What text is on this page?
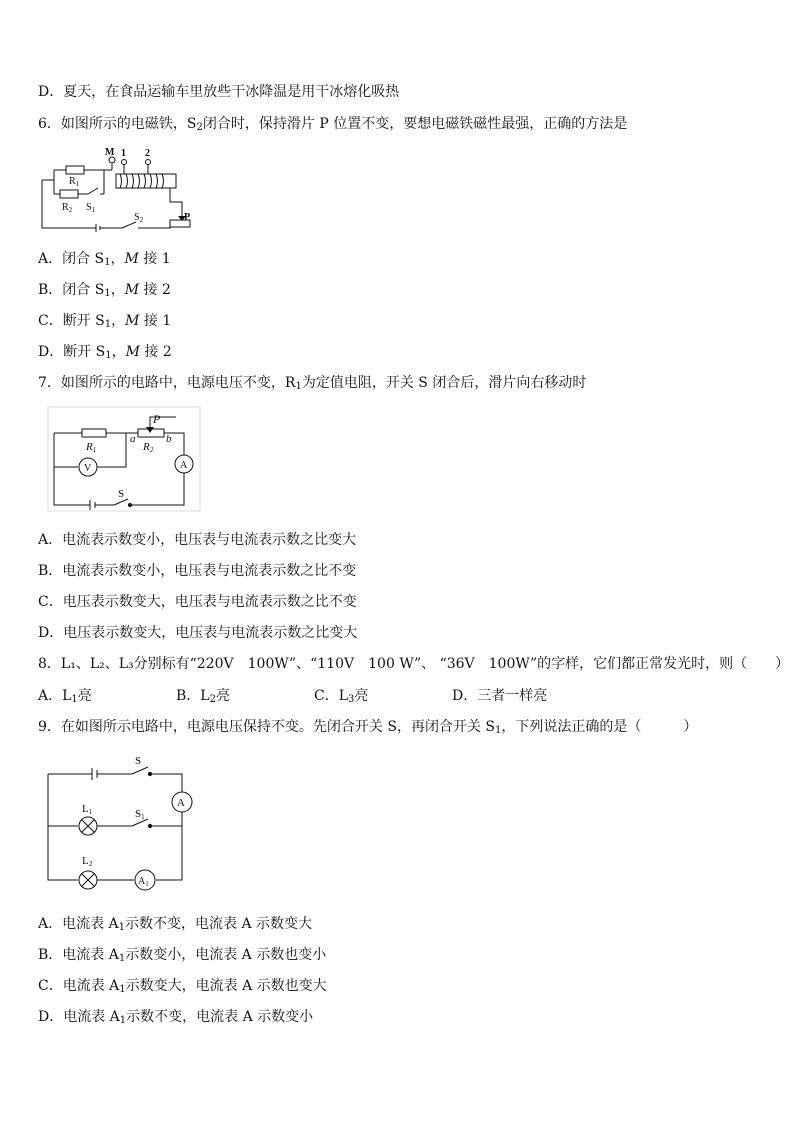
D．夏天，在食品运输车里放些干冰降温是用干冰熔化吸热
6．如图所示的电磁铁，$S_2$闭合时，保持滑片 P 位置不变，要想电磁铁磁性最强，正确的方法是
M 1 2
$R_1$
$R_2$ $S_1$
$S_2$	P
A．闭合 $S_1$，M 接 1
B．闭合 $S_1$，M 接 2
C．断开 $S_1$，M 接 1
D．断开 $S_1$，M 接 2
7．如图所示的电路中，电源电压不变，$R_1$为定值电阻，开关 S 闭合后，滑片向右移动时
P
a	b
R1	R2
V	A
S
A．电流表示数变小，电压表与电流表示数之比变大
B．电流表示数变小，电压表与电流表示数之比不变
C．电压表示数变大，电压表与电流表示数之比不变
D．电压表示数变大，电压表与电流表示数之比变大
8．L₁、L₂、L₃分别标有“220V　100W”、“110V　100 W”、 “36V　100W”的字样，它们都正常发光时，则（　　）
A．$L_1$亮	B．$L_2$亮	C．$L_3$亮	D．三者一样亮
9．在如图所示电路中，电源电压保持不变。先闭合开关 S，再闭合开关 $S_1$，下列说法正确的是（　　　）
S
S1
L1
L2
A
$A_1$
A．电流表 $A_1$示数不变，电流表 A 示数变大
B．电流表 $A_1$示数变小，电流表 A 示数也变小
C．电流表 $A_1$示数变大，电流表 A 示数也变大
D．电流表 $A_1$示数不变，电流表 A 示数变小
